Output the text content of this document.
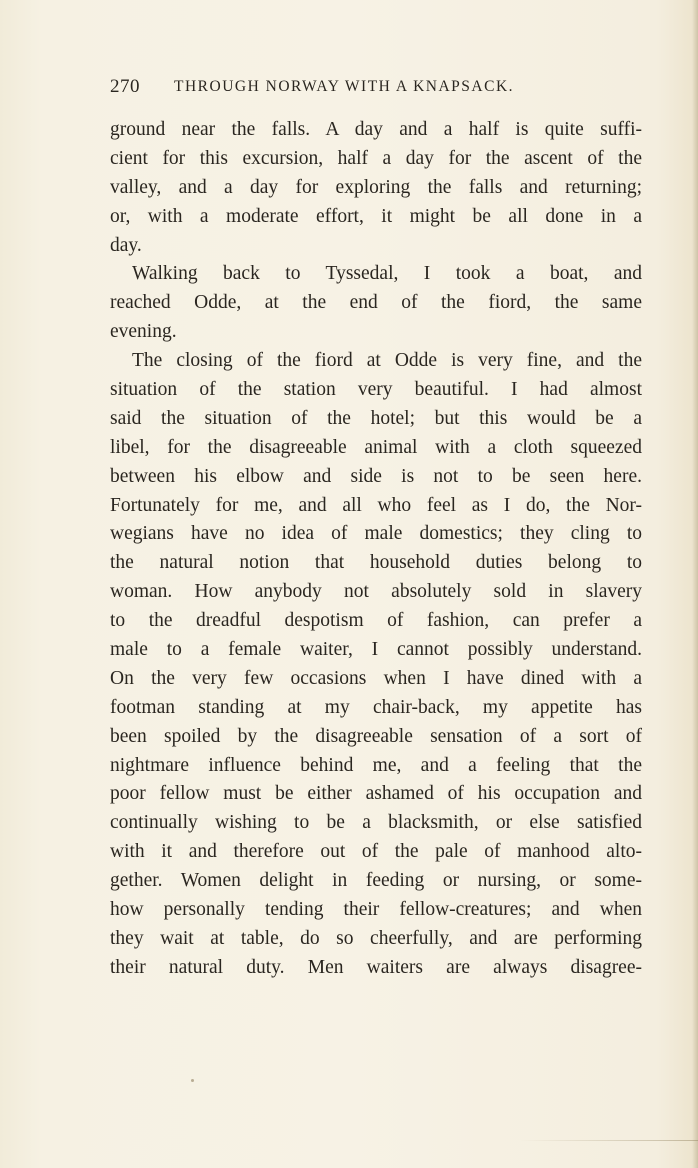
270 THROUGH NORWAY WITH A KNAPSACK.
ground near the falls. A day and a half is quite suffi-
cient for this excursion, half a day for the ascent of the
valley, and a day for exploring the falls and returning;
or, with a moderate effort, it might be all done in a
day.
Walking back to Tyssedal, I took a boat, and
reached Odde, at the end of the fiord, the same
evening.
The closing of the fiord at Odde is very fine, and the
situation of the station very beautiful. I had almost
said the situation of the hotel; but this would be a
libel, for the disagreeable animal with a cloth squeezed
between his elbow and side is not to be seen here.
Fortunately for me, and all who feel as I do, the Nor-
wegians have no idea of male domestics; they cling to
the natural notion that household duties belong to
woman. How anybody not absolutely sold in slavery
to the dreadful despotism of fashion, can prefer a
male to a female waiter, I cannot possibly understand.
On the very few occasions when I have dined with a
footman standing at my chair-back, my appetite has
been spoiled by the disagreeable sensation of a sort of
nightmare influence behind me, and a feeling that the
poor fellow must be either ashamed of his occupation and
continually wishing to be a blacksmith, or else satisfied
with it and therefore out of the pale of manhood alto-
gether. Women delight in feeding or nursing, or some-
how personally tending their fellow-creatures; and when
they wait at table, do so cheerfully, and are performing
their natural duty. Men waiters are always disagree-
